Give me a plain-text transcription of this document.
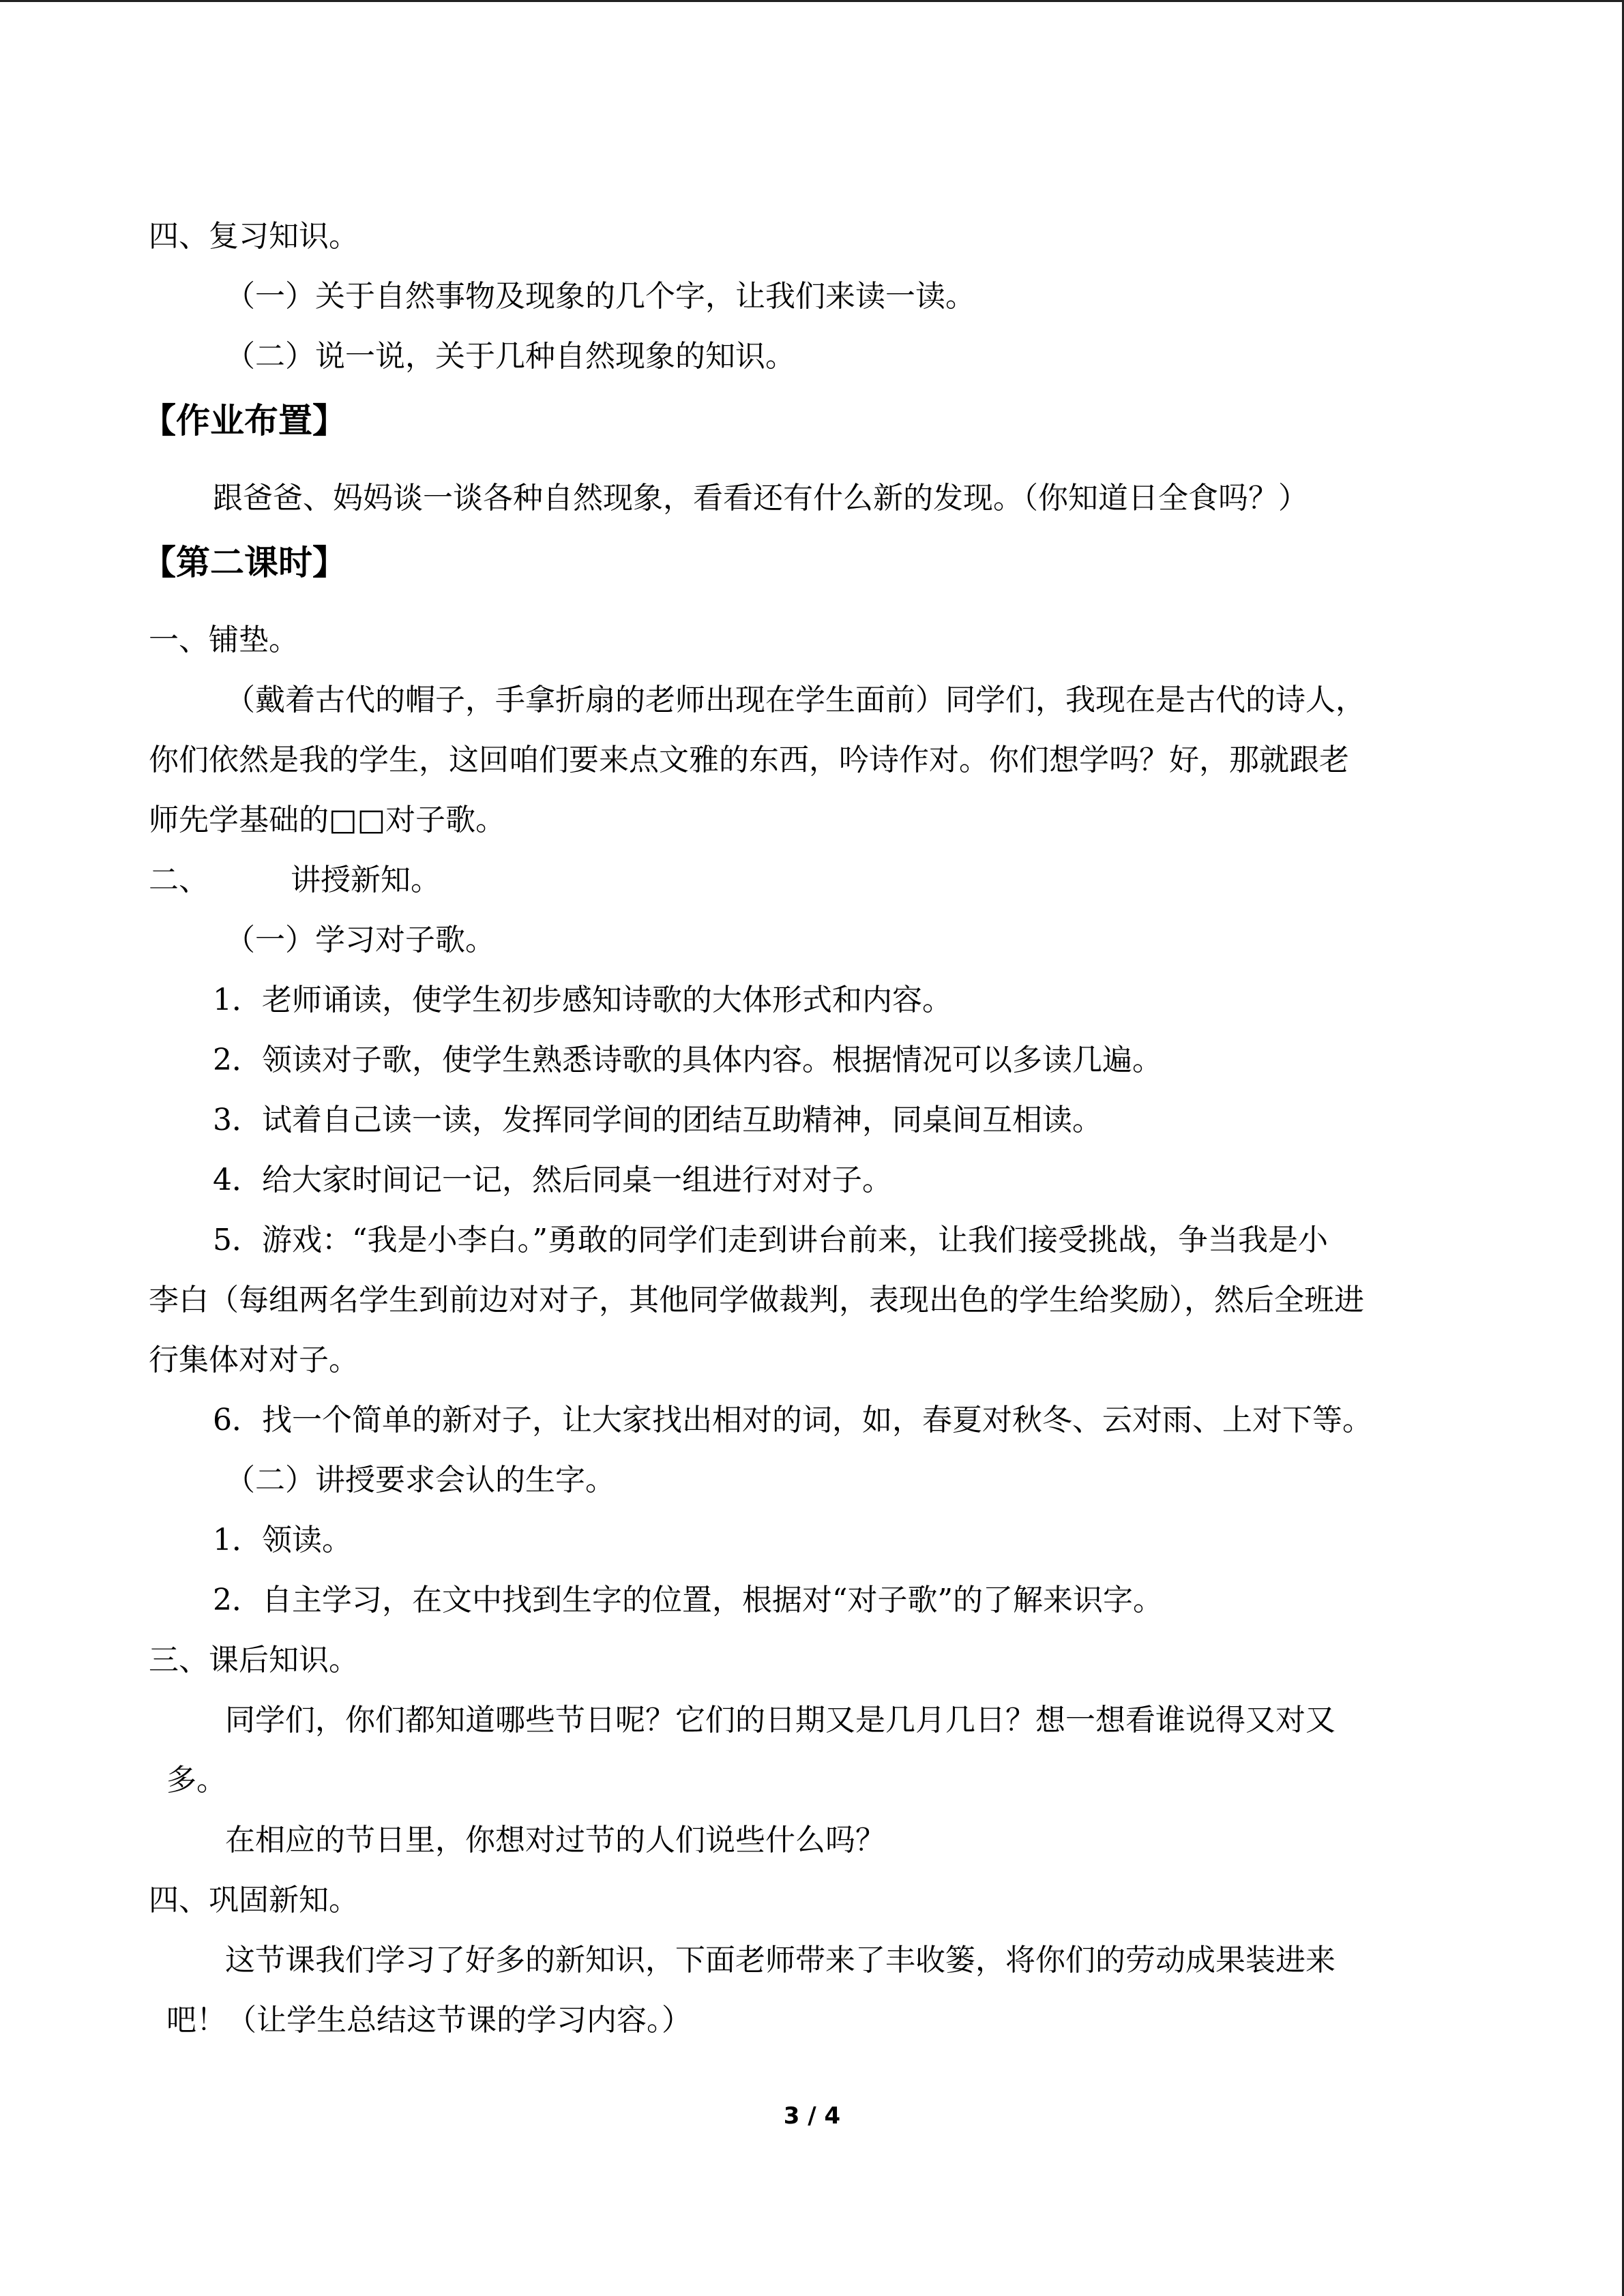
四、复习知识。
（一）关于自然事物及现象的几个字，让我们来读一读。
（二）说一说，关于几种自然现象的知识。
【作业布置】
跟爸爸、妈妈谈一谈各种自然现象，看看还有什么新的发现。（你知道日全食吗？）
【第二课时】
一、铺垫。
（戴着古代的帽子，手拿折扇的老师出现在学生面前）同学们，我现在是古代的诗人，
你们依然是我的学生，这回咱们要来点文雅的东西，吟诗作对。你们想学吗？好，那就跟老
师先学基础的□□对子歌。
二、	讲授新知。
（一）学习对子歌。
1．老师诵读，使学生初步感知诗歌的大体形式和内容。
2．领读对子歌，使学生熟悉诗歌的具体内容。根据情况可以多读几遍。
3．试着自己读一读，发挥同学间的团结互助精神，同桌间互相读。
4．给大家时间记一记，然后同桌一组进行对对子。
5．游戏：“我是小李白。”勇敢的同学们走到讲台前来，让我们接受挑战，争当我是小
李白（每组两名学生到前边对对子，其他同学做裁判，表现出色的学生给奖励），然后全班进
行集体对对子。
6．找一个简单的新对子，让大家找出相对的词，如，春夏对秋冬、云对雨、上对下等。
（二）讲授要求会认的生字。
1．领读。
2．自主学习，在文中找到生字的位置，根据对“对子歌”的了解来识字。
三、课后知识。
同学们，你们都知道哪些节日呢？它们的日期又是几月几日？想一想看谁说得又对又
多。
在相应的节日里，你想对过节的人们说些什么吗？
四、巩固新知。
这节课我们学习了好多的新知识，下面老师带来了丰收篓，将你们的劳动成果装进来
吧！（让学生总结这节课的学习内容。）
3 / 4
